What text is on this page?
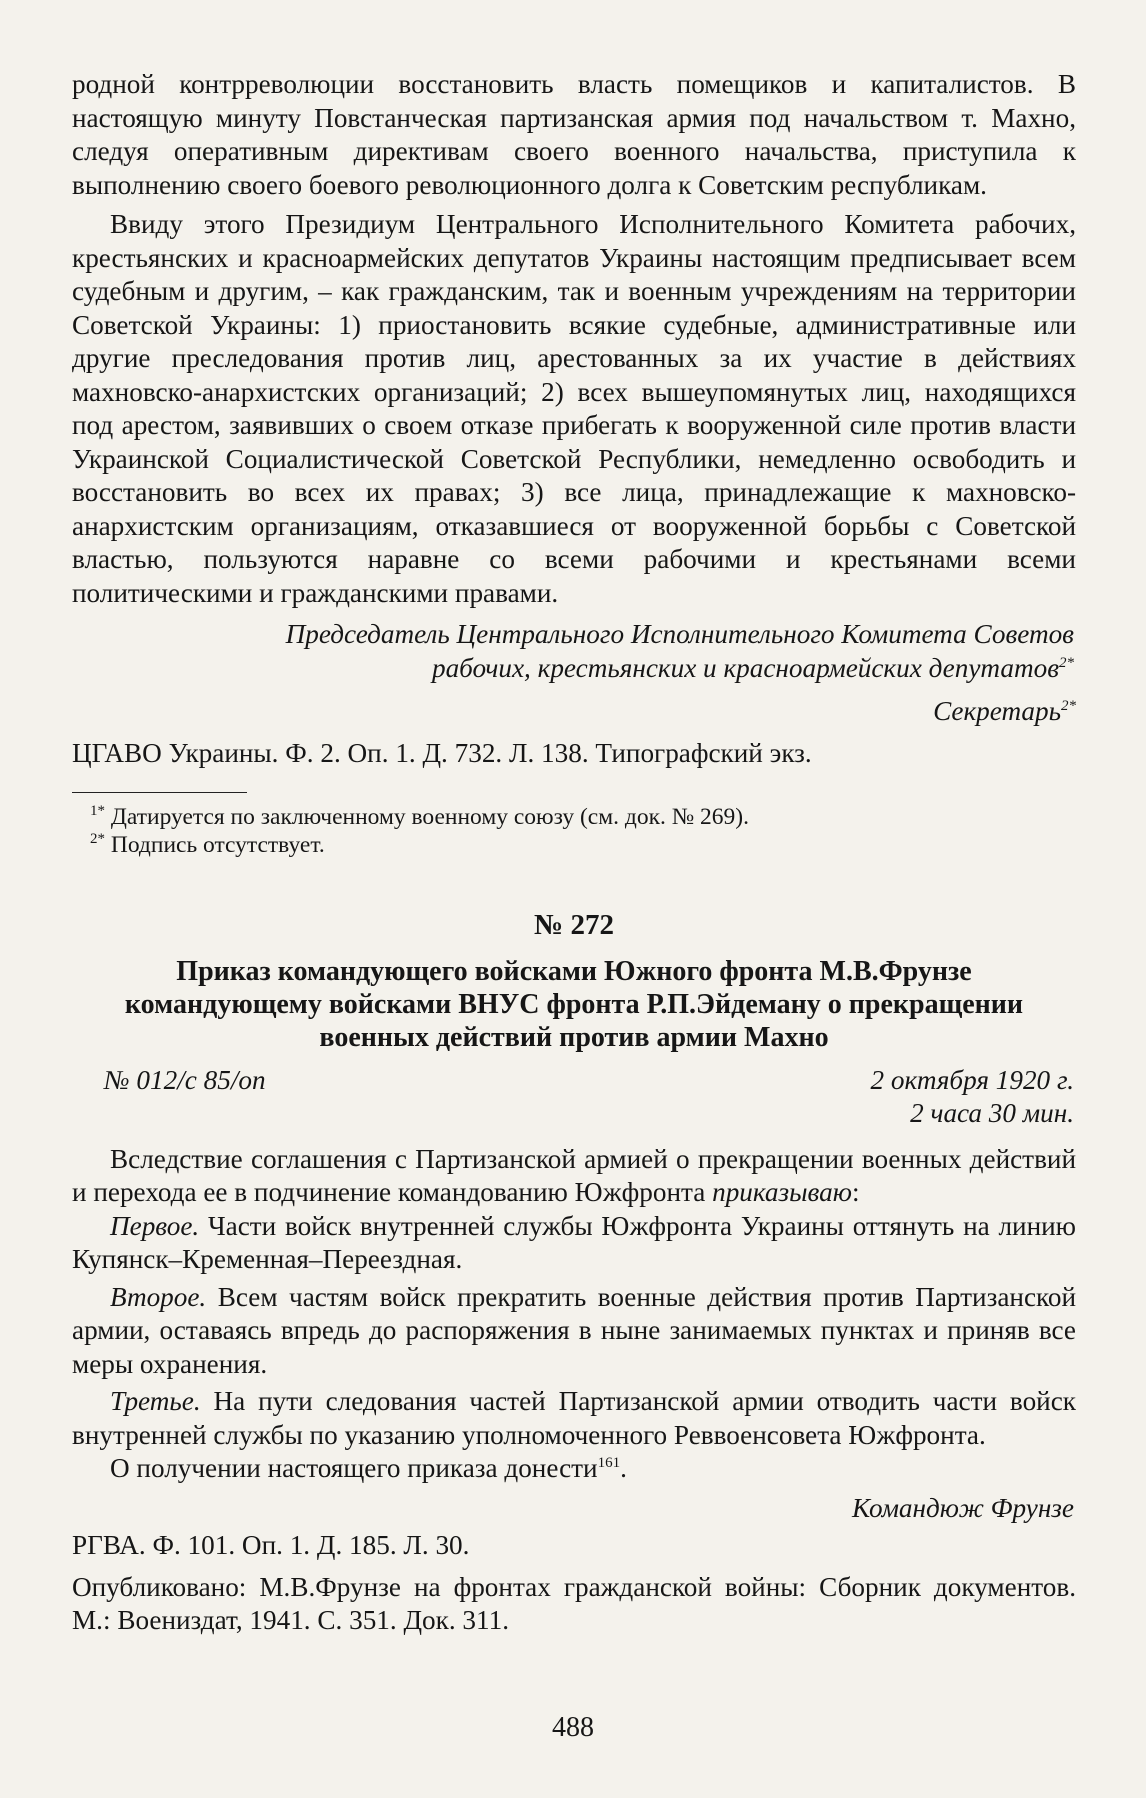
родной контрреволюции восстановить власть помещиков и капиталистов. В настоящую минуту Повстанческая партизанская армия под начальством т. Махно, следуя оперативным директивам своего военного начальства, приступила к выполнению своего боевого революционного долга к Советским республикам.

Ввиду этого Президиум Центрального Исполнительного Комитета рабочих, крестьянских и красноармейских депутатов Украины настоящим предписывает всем судебным и другим, – как гражданским, так и военным учреждениям на территории Советской Украины: 1) приостановить всякие судебные, административные или другие преследования против лиц, арестованных за их участие в действиях махновско-анархистских организаций; 2) всех вышеупомянутых лиц, находящихся под арестом, заявивших о своем отказе прибегать к вооруженной силе против власти Украинской Социалистической Советской Республики, немедленно освободить и восстановить во всех их правах; 3) все лица, принадлежащие к махновско-анархистским организациям, отказавшиеся от вооруженной борьбы с Советской властью, пользуются наравне со всеми рабочими и крестьянами всеми политическими и гражданскими правами.

Председатель Центрального Исполнительного Комитета Советов
рабочих, крестьянских и красноармейских депутатов$^{2*}$
Секретарь$^{2*}$

ЦГАВО Украины. Ф. 2. Оп. 1. Д. 732. Л. 138. Типографский экз.

$^{1*}$ Датируется по заключенному военному союзу (см. док. № 269).
$^{2*}$ Подпись отсутствует.
№ 272
Приказ командующего войсками Южного фронта М.В.Фрунзе
командующему войсками ВНУС фронта Р.П.Эйдеману о прекращении
военных действий против армии Махно
№ 012/с 85/оп	2 октября 1920 г.
2 часа 30 мин.

Вследствие соглашения с Партизанской армией о прекращении военных действий и перехода ее в подчинение командованию Южфронта приказываю:

Первое. Части войск внутренней службы Южфронта Украины оттянуть на линию Купянск–Кременная–Переездная.

Второе. Всем частям войск прекратить военные действия против Партизанской армии, оставаясь впредь до распоряжения в ныне занимаемых пунктах и приняв все меры охранения.

Третье. На пути следования частей Партизанской армии отводить части войск внутренней службы по указанию уполномоченного Реввоенсовета Южфронта.

О получении настоящего приказа донести$^{161}$.

Командюж Фрунзе

РГВА. Ф. 101. Оп. 1. Д. 185. Л. 30.

Опубликовано: М.В.Фрунзе на фронтах гражданской войны: Сборник документов. М.: Воениздат, 1941. С. 351. Док. 311.

488
